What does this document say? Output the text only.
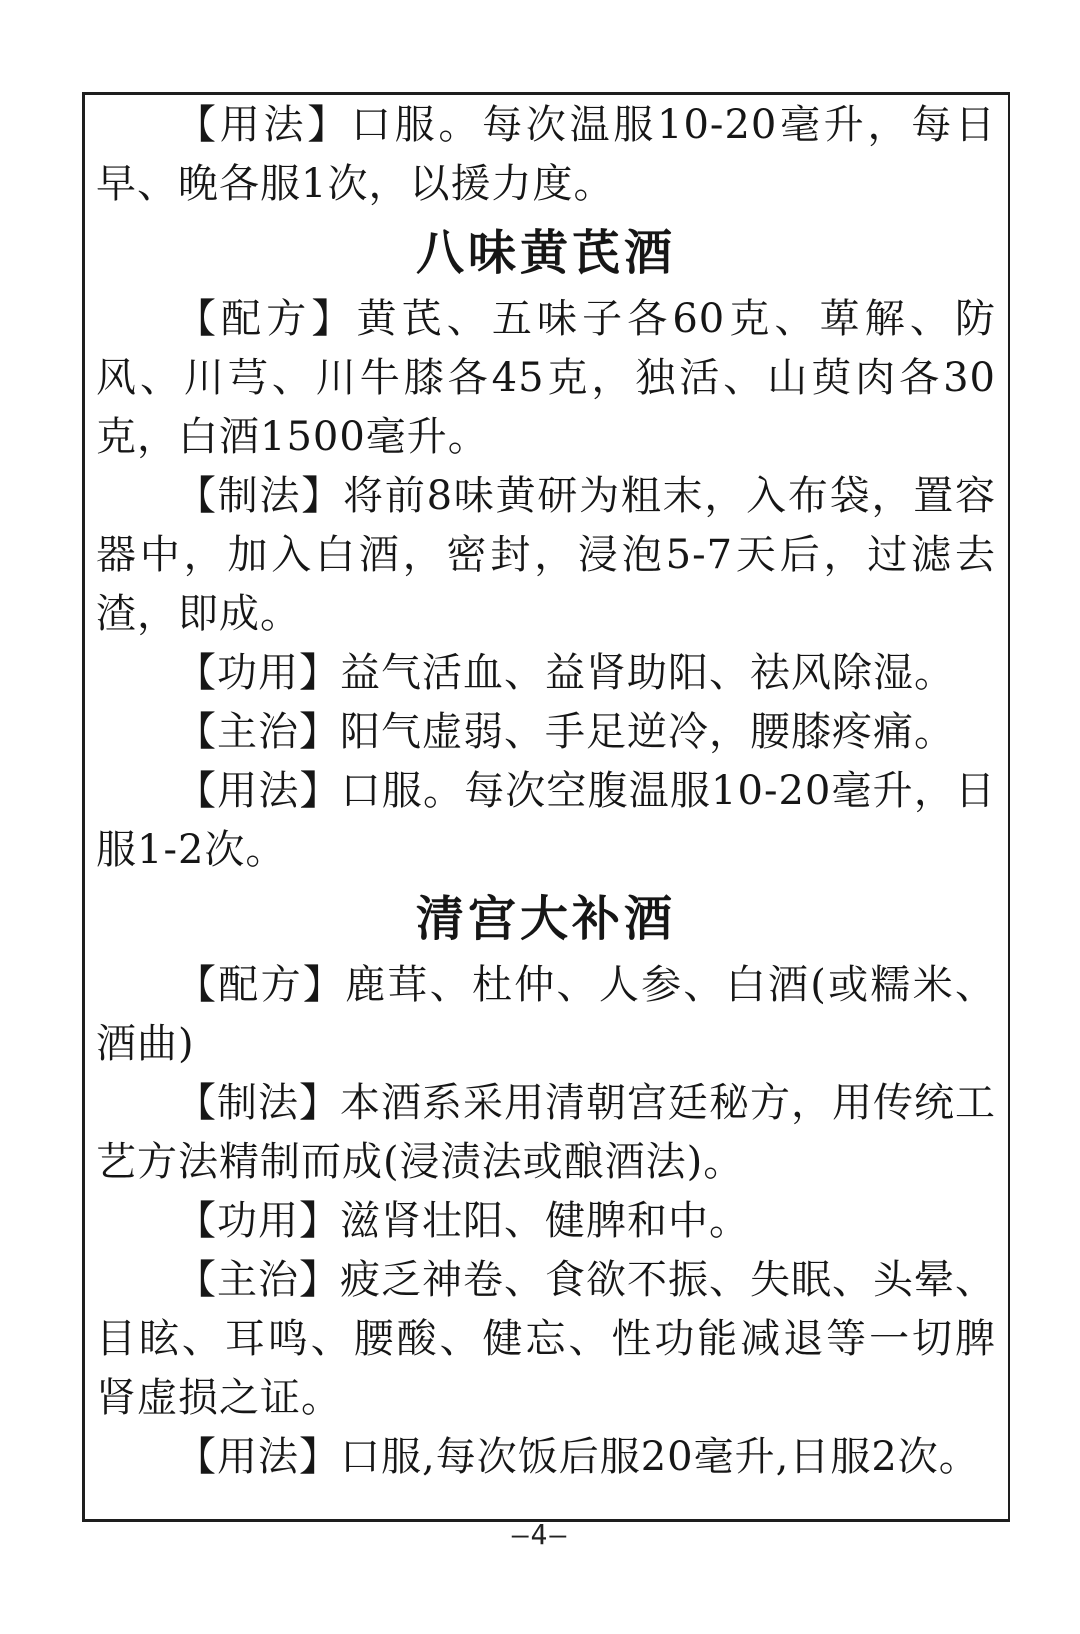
【用法】口服。每次温服10-20毫升，每日早、晚各服1次，以援力度。

八味黄芪酒

【配方】黄芪、五味子各60克、萆解、防风、川芎、川牛膝各45克，独活、山萸肉各30克，白酒1500毫升。

【制法】将前8味黄研为粗末，入布袋，置容器中，加入白酒，密封，浸泡5-7天后，过滤去渣，即成。

【功用】益气活血、益肾助阳、祛风除湿。

【主治】阳气虚弱、手足逆冷，腰膝疼痛。

【用法】口服。每次空腹温服10-20毫升，日服1-2次。

清宫大补酒

【配方】鹿茸、杜仲、人参、白酒(或糯米、酒曲)

【制法】本酒系采用清朝宫廷秘方，用传统工艺方法精制而成(浸渍法或酿酒法)。

【功用】滋肾壮阳、健脾和中。

【主治】疲乏神卷、食欲不振、失眠、头晕、目眩、耳鸣、腰酸、健忘、性功能减退等一切脾肾虚损之证。

【用法】口服,每次饭后服20毫升,日服2次。

—4—
